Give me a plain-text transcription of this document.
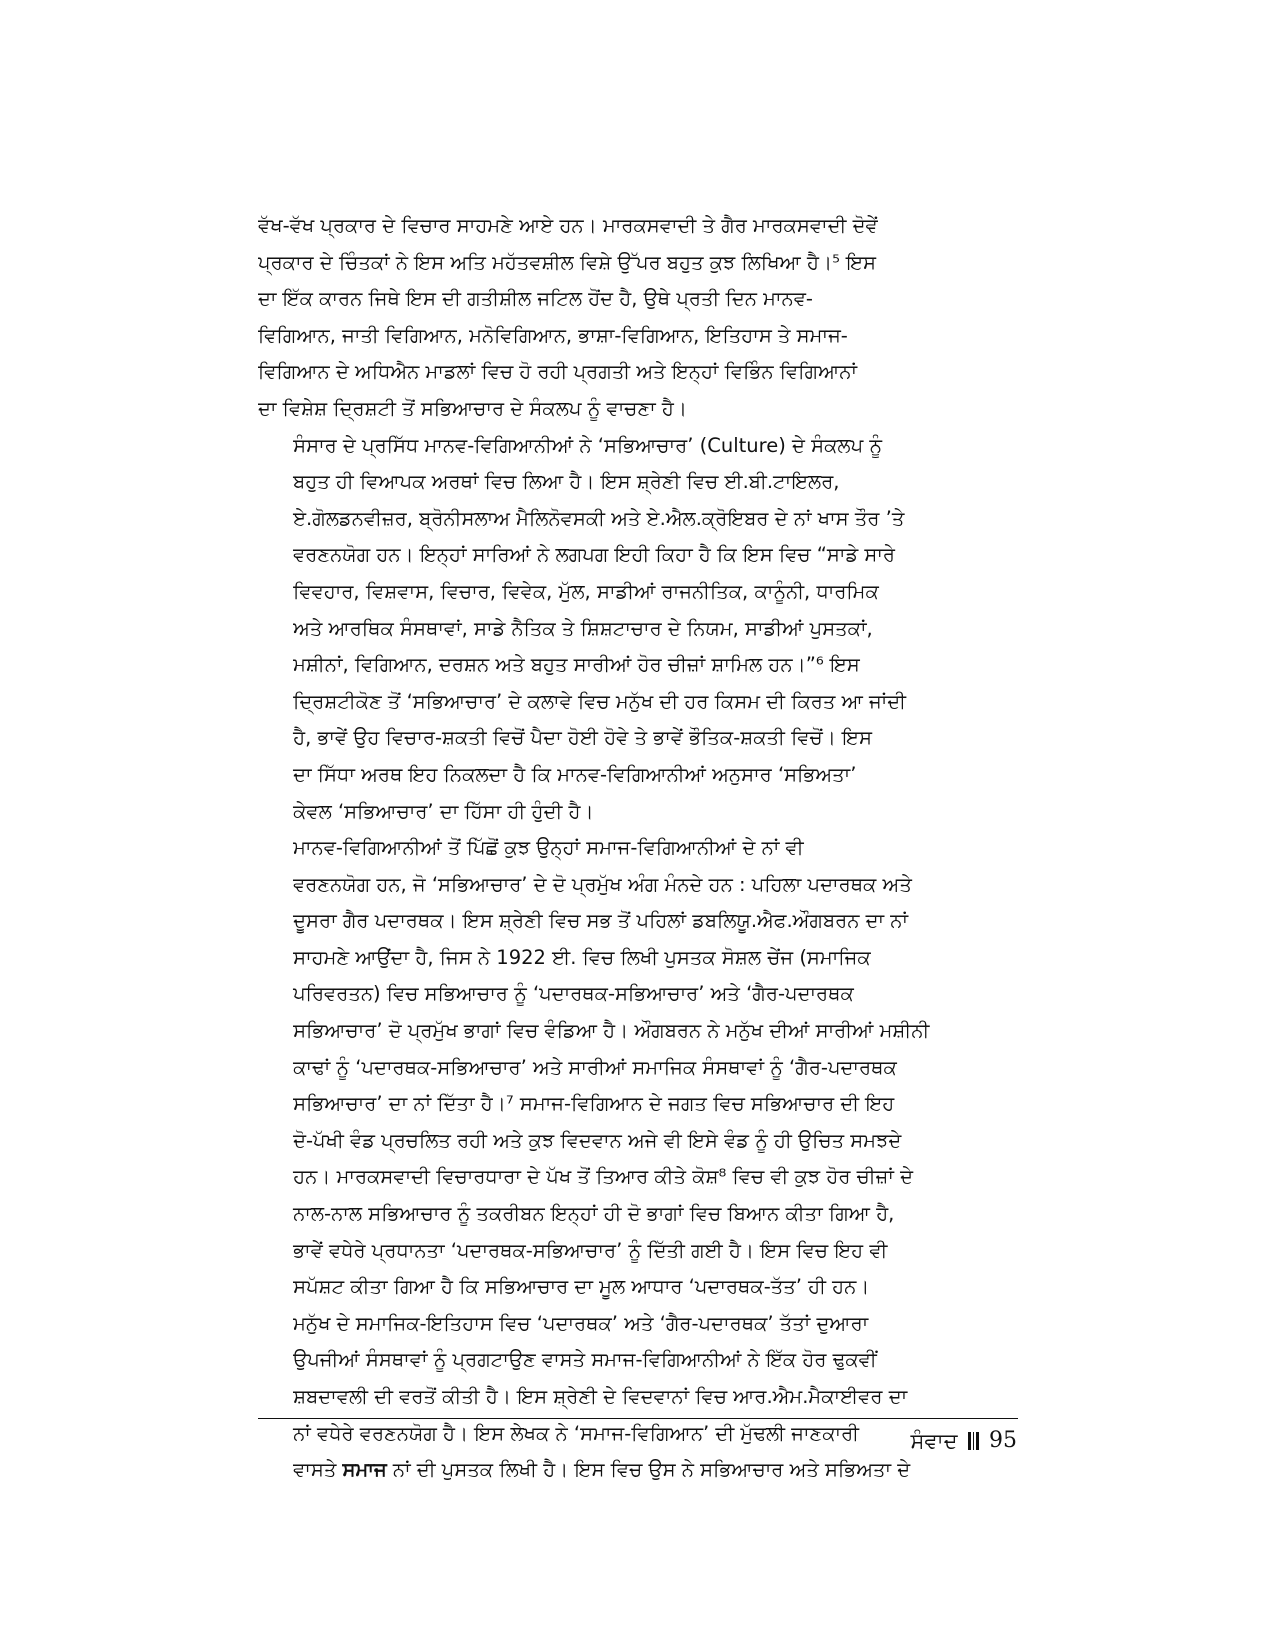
ਵੱਖ-ਵੱਖ ਪ੍ਰਕਾਰ ਦੇ ਵਿਚਾਰ ਸਾਹਮਣੇ ਆਏ ਹਨ। ਮਾਰਕਸਵਾਦੀ ਤੇ ਗੈਰ ਮਾਰਕਸਵਾਦੀ ਦੋਵੇਂ
ਪ੍ਰਕਾਰ ਦੇ ਚਿੰਤਕਾਂ ਨੇ ਇਸ ਅਤਿ ਮਹੱਤਵਸ਼ੀਲ ਵਿਸ਼ੇ ਉੱਪਰ ਬਹੁਤ ਕੁਝ ਲਿਖਿਆ ਹੈ।⁵ ਇਸ
ਦਾ ਇੱਕ ਕਾਰਨ ਜਿਥੇ ਇਸ ਦੀ ਗਤੀਸ਼ੀਲ ਜਟਿਲ ਹੋਂਦ ਹੈ, ਉਥੇ ਪ੍ਰਤੀ ਦਿਨ ਮਾਨਵ-
ਵਿਗਿਆਨ, ਜਾਤੀ ਵਿਗਿਆਨ, ਮਨੋਵਿਗਿਆਨ, ਭਾਸ਼ਾ-ਵਿਗਿਆਨ, ਇਤਿਹਾਸ ਤੇ ਸਮਾਜ-
ਵਿਗਿਆਨ ਦੇ ਅਧਿਐਨ ਮਾਡਲਾਂ ਵਿਚ ਹੋ ਰਹੀ ਪ੍ਰਗਤੀ ਅਤੇ ਇਨ੍ਹਾਂ ਵਿਭਿੰਨ ਵਿਗਿਆਨਾਂ
ਦਾ ਵਿਸ਼ੇਸ਼ ਦ੍ਰਿਸ਼ਟੀ ਤੋਂ ਸਭਿਆਚਾਰ ਦੇ ਸੰਕਲਪ ਨੂੰ ਵਾਚਣਾ ਹੈ।

ਸੰਸਾਰ ਦੇ ਪ੍ਰਸਿੱਧ ਮਾਨਵ-ਵਿਗਿਆਨੀਆਂ ਨੇ ‘ਸਭਿਆਚਾਰ’ (Culture) ਦੇ ਸੰਕਲਪ ਨੂੰ
ਬਹੁਤ ਹੀ ਵਿਆਪਕ ਅਰਥਾਂ ਵਿਚ ਲਿਆ ਹੈ। ਇਸ ਸ਼੍ਰੇਣੀ ਵਿਚ ਈ.ਬੀ.ਟਾਇਲਰ,
ਏ.ਗੋਲਡਨਵੀਜ਼ਰ, ਬ੍ਰੋਨੀਸਲਾਅ ਮੈਲਿਨੋਵਸਕੀ ਅਤੇ ਏ.ਐਲ.ਕ੍ਰੋਇਬਰ ਦੇ ਨਾਂ ਖਾਸ ਤੌਰ ’ਤੇ
ਵਰਣਨਯੋਗ ਹਨ। ਇਨ੍ਹਾਂ ਸਾਰਿਆਂ ਨੇ ਲਗਪਗ ਇਹੀ ਕਿਹਾ ਹੈ ਕਿ ਇਸ ਵਿਚ “ਸਾਡੇ ਸਾਰੇ
ਵਿਵਹਾਰ, ਵਿਸ਼ਵਾਸ, ਵਿਚਾਰ, ਵਿਵੇਕ, ਮੁੱਲ, ਸਾਡੀਆਂ ਰਾਜਨੀਤਿਕ, ਕਾਨੂੰਨੀ, ਧਾਰਮਿਕ
ਅਤੇ ਆਰਥਿਕ ਸੰਸਥਾਵਾਂ, ਸਾਡੇ ਨੈਤਿਕ ਤੇ ਸ਼ਿਸ਼ਟਾਚਾਰ ਦੇ ਨਿਯਮ, ਸਾਡੀਆਂ ਪੁਸਤਕਾਂ,
ਮਸ਼ੀਨਾਂ, ਵਿਗਿਆਨ, ਦਰਸ਼ਨ ਅਤੇ ਬਹੁਤ ਸਾਰੀਆਂ ਹੋਰ ਚੀਜ਼ਾਂ ਸ਼ਾਮਿਲ ਹਨ।”⁶ ਇਸ
ਦ੍ਰਿਸ਼ਟੀਕੋਣ ਤੋਂ ‘ਸਭਿਆਚਾਰ’ ਦੇ ਕਲਾਵੇ ਵਿਚ ਮਨੁੱਖ ਦੀ ਹਰ ਕਿਸਮ ਦੀ ਕਿਰਤ ਆ ਜਾਂਦੀ
ਹੈ, ਭਾਵੇਂ ਉਹ ਵਿਚਾਰ-ਸ਼ਕਤੀ ਵਿਚੋਂ ਪੈਦਾ ਹੋਈ ਹੋਵੇ ਤੇ ਭਾਵੇਂ ਭੌਤਿਕ-ਸ਼ਕਤੀ ਵਿਚੋਂ। ਇਸ
ਦਾ ਸਿੱਧਾ ਅਰਥ ਇਹ ਨਿਕਲਦਾ ਹੈ ਕਿ ਮਾਨਵ-ਵਿਗਿਆਨੀਆਂ ਅਨੁਸਾਰ ‘ਸਭਿਅਤਾ’
ਕੇਵਲ ‘ਸਭਿਆਚਾਰ’ ਦਾ ਹਿੱਸਾ ਹੀ ਹੁੰਦੀ ਹੈ।

ਮਾਨਵ-ਵਿਗਿਆਨੀਆਂ ਤੋਂ ਪਿੱਛੋਂ ਕੁਝ ਉਨ੍ਹਾਂ ਸਮਾਜ-ਵਿਗਿਆਨੀਆਂ ਦੇ ਨਾਂ ਵੀ
ਵਰਣਨਯੋਗ ਹਨ, ਜੋ ‘ਸਭਿਆਚਾਰ’ ਦੇ ਦੋ ਪ੍ਰਮੁੱਖ ਅੰਗ ਮੰਨਦੇ ਹਨ : ਪਹਿਲਾ ਪਦਾਰਥਕ ਅਤੇ
ਦੂਸਰਾ ਗੈਰ ਪਦਾਰਥਕ। ਇਸ ਸ਼੍ਰੇਣੀ ਵਿਚ ਸਭ ਤੋਂ ਪਹਿਲਾਂ ਡਬਲਿਯੂ.ਐਫ.ਔਗਬਰਨ ਦਾ ਨਾਂ
ਸਾਹਮਣੇ ਆਉਂਦਾ ਹੈ, ਜਿਸ ਨੇ 1922 ਈ. ਵਿਚ ਲਿਖੀ ਪੁਸਤਕ ਸੋਸ਼ਲ ਚੇਂਜ (ਸਮਾਜਿਕ
ਪਰਿਵਰਤਨ) ਵਿਚ ਸਭਿਆਚਾਰ ਨੂੰ ‘ਪਦਾਰਥਕ-ਸਭਿਆਚਾਰ’ ਅਤੇ ‘ਗੈਰ-ਪਦਾਰਥਕ
ਸਭਿਆਚਾਰ’ ਦੋ ਪ੍ਰਮੁੱਖ ਭਾਗਾਂ ਵਿਚ ਵੰਡਿਆ ਹੈ। ਔਗਬਰਨ ਨੇ ਮਨੁੱਖ ਦੀਆਂ ਸਾਰੀਆਂ ਮਸ਼ੀਨੀ
ਕਾਢਾਂ ਨੂੰ ‘ਪਦਾਰਥਕ-ਸਭਿਆਚਾਰ’ ਅਤੇ ਸਾਰੀਆਂ ਸਮਾਜਿਕ ਸੰਸਥਾਵਾਂ ਨੂੰ ‘ਗੈਰ-ਪਦਾਰਥਕ
ਸਭਿਆਚਾਰ’ ਦਾ ਨਾਂ ਦਿੱਤਾ ਹੈ।⁷ ਸਮਾਜ-ਵਿਗਿਆਨ ਦੇ ਜਗਤ ਵਿਚ ਸਭਿਆਚਾਰ ਦੀ ਇਹ
ਦੋ-ਪੱਖੀ ਵੰਡ ਪ੍ਰਚਲਿਤ ਰਹੀ ਅਤੇ ਕੁਝ ਵਿਦਵਾਨ ਅਜੇ ਵੀ ਇਸੇ ਵੰਡ ਨੂੰ ਹੀ ਉਚਿਤ ਸਮਝਦੇ
ਹਨ। ਮਾਰਕਸਵਾਦੀ ਵਿਚਾਰਧਾਰਾ ਦੇ ਪੱਖ ਤੋਂ ਤਿਆਰ ਕੀਤੇ ਕੋਸ਼⁸ ਵਿਚ ਵੀ ਕੁਝ ਹੋਰ ਚੀਜ਼ਾਂ ਦੇ
ਨਾਲ-ਨਾਲ ਸਭਿਆਚਾਰ ਨੂੰ ਤਕਰੀਬਨ ਇਨ੍ਹਾਂ ਹੀ ਦੋ ਭਾਗਾਂ ਵਿਚ ਬਿਆਨ ਕੀਤਾ ਗਿਆ ਹੈ,
ਭਾਵੇਂ ਵਧੇਰੇ ਪ੍ਰਧਾਨਤਾ ‘ਪਦਾਰਥਕ-ਸਭਿਆਚਾਰ’ ਨੂੰ ਦਿੱਤੀ ਗਈ ਹੈ। ਇਸ ਵਿਚ ਇਹ ਵੀ
ਸਪੱਸ਼ਟ ਕੀਤਾ ਗਿਆ ਹੈ ਕਿ ਸਭਿਆਚਾਰ ਦਾ ਮੂਲ ਆਧਾਰ ‘ਪਦਾਰਥਕ-ਤੱਤ’ ਹੀ ਹਨ।

ਮਨੁੱਖ ਦੇ ਸਮਾਜਿਕ-ਇਤਿਹਾਸ ਵਿਚ ‘ਪਦਾਰਥਕ’ ਅਤੇ ‘ਗੈਰ-ਪਦਾਰਥਕ’ ਤੱਤਾਂ ਦੁਆਰਾ
ਉਪਜੀਆਂ ਸੰਸਥਾਵਾਂ ਨੂੰ ਪ੍ਰਗਟਾਉਣ ਵਾਸਤੇ ਸਮਾਜ-ਵਿਗਿਆਨੀਆਂ ਨੇ ਇੱਕ ਹੋਰ ਢੁਕਵੀਂ
ਸ਼ਬਦਾਵਲੀ ਦੀ ਵਰਤੋਂ ਕੀਤੀ ਹੈ। ਇਸ ਸ਼੍ਰੇਣੀ ਦੇ ਵਿਦਵਾਨਾਂ ਵਿਚ ਆਰ.ਐਮ.ਮੈਕਾਈਵਰ ਦਾ
ਨਾਂ ਵਧੇਰੇ ਵਰਣਨਯੋਗ ਹੈ। ਇਸ ਲੇਖਕ ਨੇ ‘ਸਮਾਜ-ਵਿਗਿਆਨ’ ਦੀ ਮੁੱਢਲੀ ਜਾਣਕਾਰੀ
ਵਾਸਤੇ ਸਮਾਜ ਨਾਂ ਦੀ ਪੁਸਤਕ ਲਿਖੀ ਹੈ। ਇਸ ਵਿਚ ਉਸ ਨੇ ਸਭਿਆਚਾਰ ਅਤੇ ਸਭਿਅਤਾ ਦੇ

ਸੰਵਾਦ 95
